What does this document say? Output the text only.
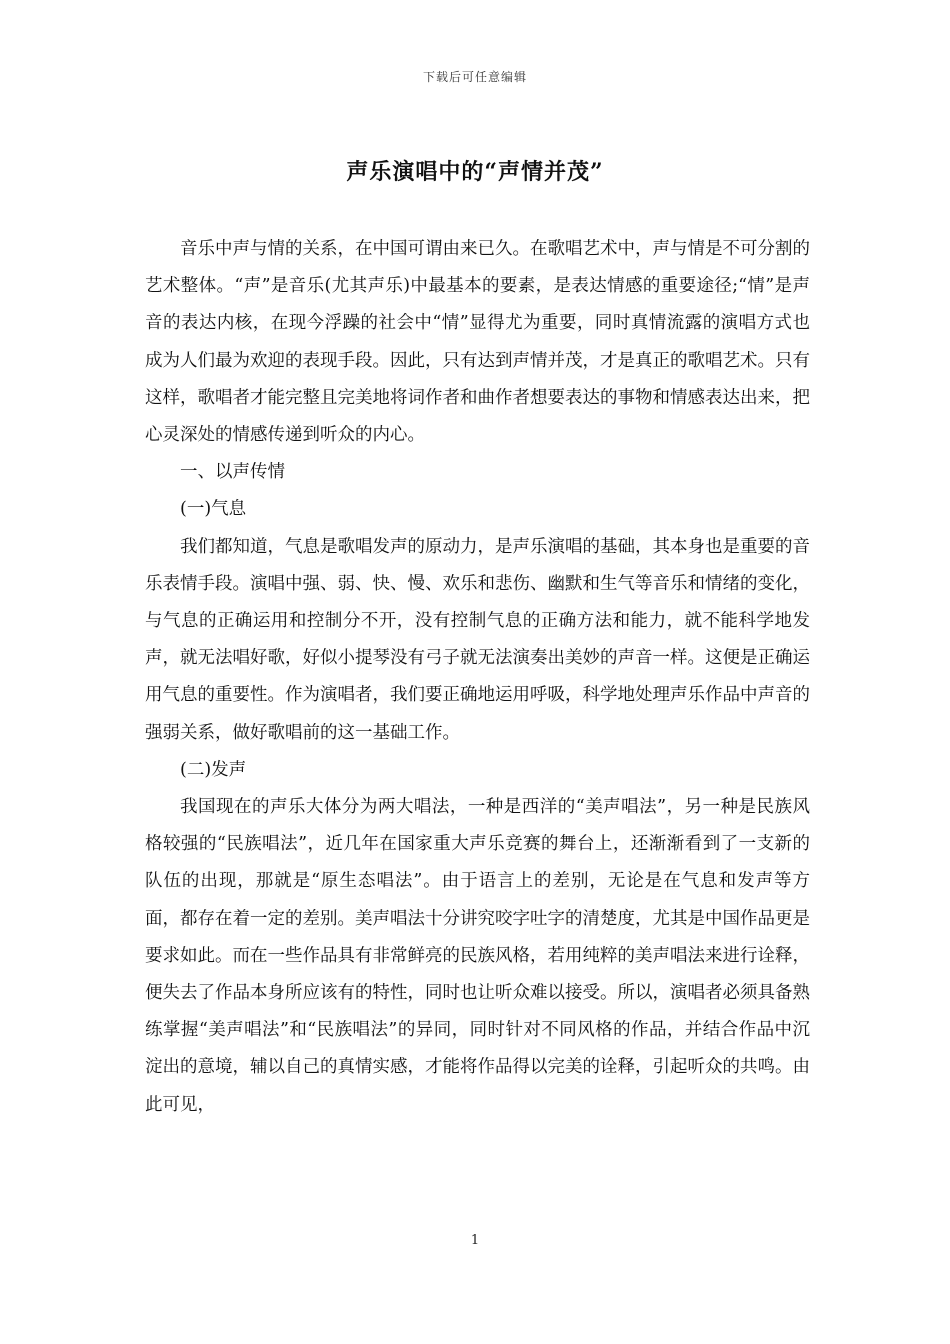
下载后可任意编辑
声乐演唱中的“声情并茂”

音乐中声与情的关系，在中国可谓由来已久。在歌唱艺术中，声与情是不可分割的艺术整体。“声”是音乐(尤其声乐)中最基本的要素，是表达情感的重要途径;“情”是声音的表达内核，在现今浮躁的社会中“情”显得尤为重要，同时真情流露的演唱方式也成为人们最为欢迎的表现手段。因此，只有达到声情并茂，才是真正的歌唱艺术。只有这样，歌唱者才能完整且完美地将词作者和曲作者想要表达的事物和情感表达出来，把心灵深处的情感传递到听众的内心。

一、以声传情

(一)气息

我们都知道，气息是歌唱发声的原动力，是声乐演唱的基础，其本身也是重要的音乐表情手段。演唱中强、弱、快、慢、欢乐和悲伤、幽默和生气等音乐和情绪的变化，与气息的正确运用和控制分不开，没有控制气息的正确方法和能力，就不能科学地发声，就无法唱好歌，好似小提琴没有弓子就无法演奏出美妙的声音一样。这便是正确运用气息的重要性。作为演唱者，我们要正确地运用呼吸，科学地处理声乐作品中声音的强弱关系，做好歌唱前的这一基础工作。

(二)发声

我国现在的声乐大体分为两大唱法，一种是西洋的“美声唱法”，另一种是民族风格较强的“民族唱法”，近几年在国家重大声乐竞赛的舞台上，还渐渐看到了一支新的队伍的出现，那就是“原生态唱法”。由于语言上的差别，无论是在气息和发声等方面，都存在着一定的差别。美声唱法十分讲究咬字吐字的清楚度，尤其是中国作品更是要求如此。而在一些作品具有非常鲜亮的民族风格，若用纯粹的美声唱法来进行诠释，便失去了作品本身所应该有的特性，同时也让听众难以接受。所以，演唱者必须具备熟练掌握“美声唱法”和“民族唱法”的异同，同时针对不同风格的作品，并结合作品中沉淀出的意境，辅以自己的真情实感，才能将作品得以完美的诠释，引起听众的共鸣。由此可见，

1
